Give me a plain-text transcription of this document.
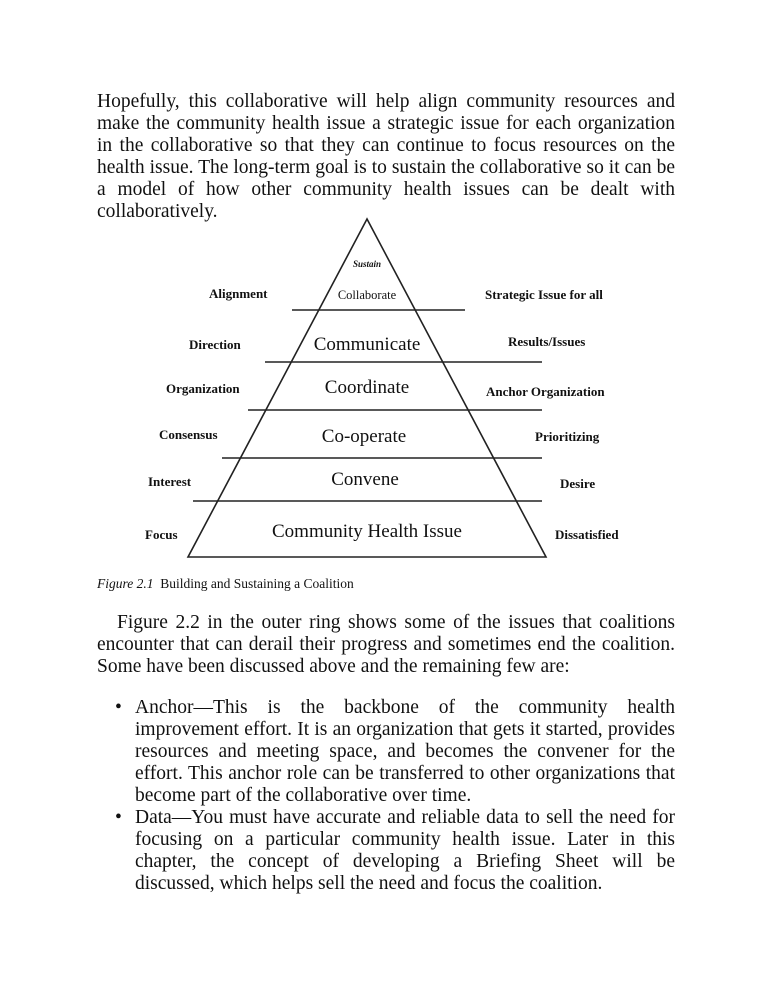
Hopefully, this collaborative will help align community resources and make the community health issue a strategic issue for each organization in the collaborative so that they can continue to focus resources on the health issue. The long-term goal is to sustain the collaborative so it can be a model of how other community health issues can be dealt with collaboratively.

Sustain
Collaborate
Communicate
Coordinate
Co-operate
Convene
Community Health Issue
Alignment
Direction
Organization
Consensus
Interest
Focus
Strategic Issue for all
Results/Issues
Anchor Organization
Prioritizing
Desire
Dissatisfied

Figure 2.1 Building and Sustaining a Coalition

Figure 2.2 in the outer ring shows some of the issues that coalitions encounter that can derail their progress and sometimes end the coalition. Some have been discussed above and the remaining few are:

• Anchor—This is the backbone of the community health improvement effort. It is an organization that gets it started, provides resources and meeting space, and becomes the convener for the effort. This anchor role can be transferred to other organizations that become part of the collaborative over time.
• Data—You must have accurate and reliable data to sell the need for focusing on a particular community health issue. Later in this chapter, the concept of developing a Briefing Sheet will be discussed, which helps sell the need and focus the coalition.
